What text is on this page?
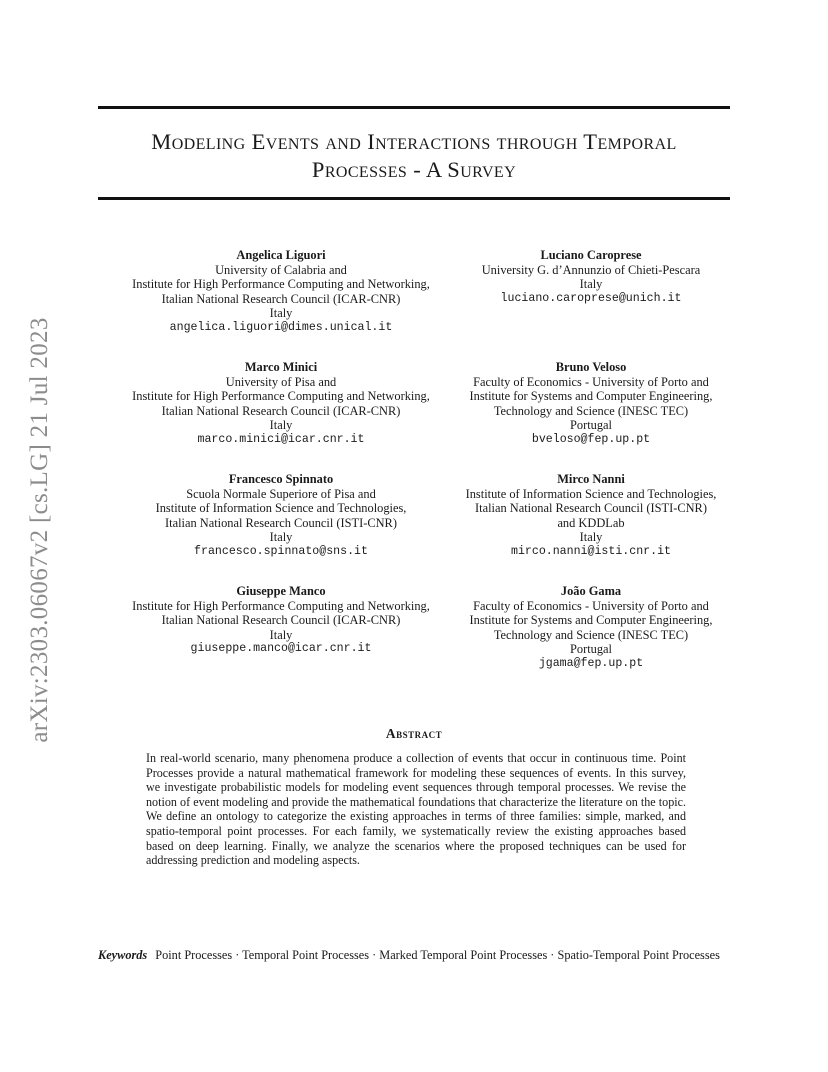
Modeling Events and Interactions through Temporal
Processes - A Survey
arXiv:2303.06067v2 [cs.LG] 21 Jul 2023
Angelica Liguori
University of Calabria and
Institute for High Performance Computing and Networking,
Italian National Research Council (ICAR-CNR)
Italy
angelica.liguori@dimes.unical.it
Luciano Caroprese
University G. d’Annunzio of Chieti-Pescara
Italy
luciano.caroprese@unich.it
Marco Minici
University of Pisa and
Institute for High Performance Computing and Networking,
Italian National Research Council (ICAR-CNR)
Italy
marco.minici@icar.cnr.it
Bruno Veloso
Faculty of Economics - University of Porto and
Institute for Systems and Computer Engineering,
Technology and Science (INESC TEC)
Portugal
bveloso@fep.up.pt
Francesco Spinnato
Scuola Normale Superiore of Pisa and
Institute of Information Science and Technologies,
Italian National Research Council (ISTI-CNR)
Italy
francesco.spinnato@sns.it
Mirco Nanni
Institute of Information Science and Technologies,
Italian National Research Council (ISTI-CNR)
and KDDLab
Italy
mirco.nanni@isti.cnr.it
Giuseppe Manco
Institute for High Performance Computing and Networking,
Italian National Research Council (ICAR-CNR)
Italy
giuseppe.manco@icar.cnr.it
João Gama
Faculty of Economics - University of Porto and
Institute for Systems and Computer Engineering,
Technology and Science (INESC TEC)
Portugal
jgama@fep.up.pt
Abstract
In real-world scenario, many phenomena produce a collection of events that occur in continuous time. Point Processes provide a natural mathematical framework for modeling these sequences of events. In this survey, we investigate probabilistic models for modeling event sequences through temporal processes. We revise the notion of event modeling and provide the mathematical foundations that characterize the literature on the topic. We define an ontology to categorize the existing approaches in terms of three families: simple, marked, and spatio-temporal point processes. For each family, we systematically review the existing approaches based based on deep learning. Finally, we analyze the scenarios where the proposed techniques can be used for addressing prediction and modeling aspects.
Keywords Point Processes · Temporal Point Processes · Marked Temporal Point Processes · Spatio-Temporal Point Processes
